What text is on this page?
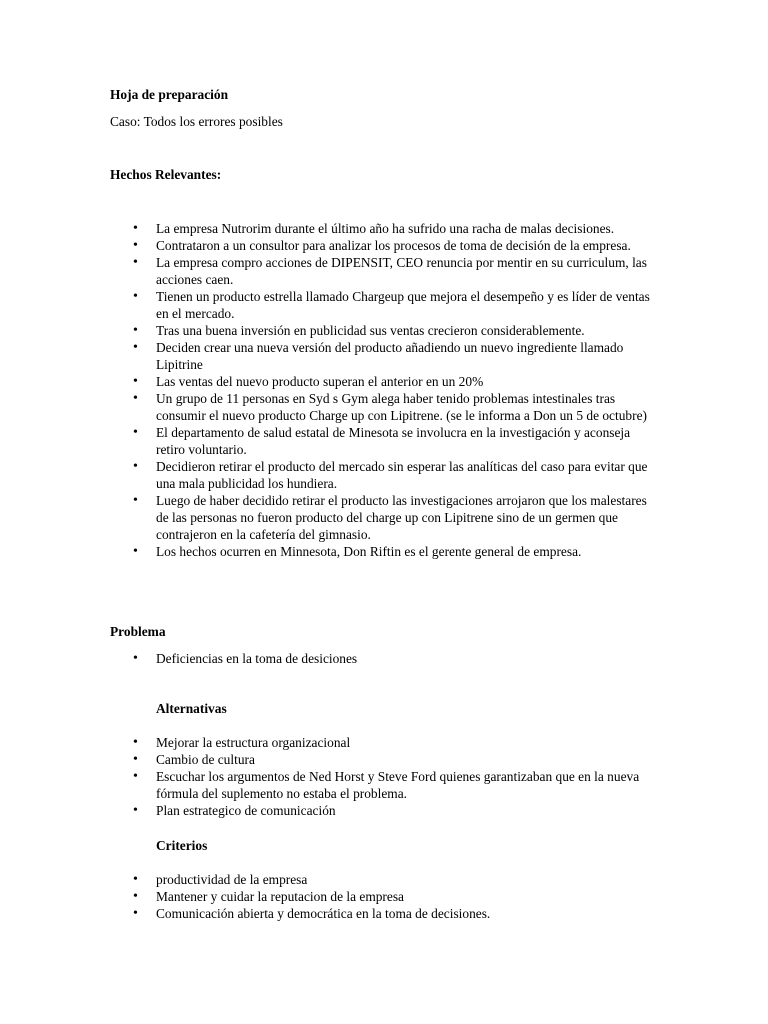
Hoja de preparación

Caso: Todos los errores posibles

Hechos Relevantes:

• La empresa Nutrorim durante el último año ha sufrido una racha de malas decisiones.
• Contrataron a un consultor para analizar los procesos de toma de decisión de la empresa.
• La empresa compro acciones de DIPENSIT, CEO renuncia por mentir en su curriculum, las acciones caen.
• Tienen un producto estrella llamado Chargeup que mejora el desempeño y es líder de ventas en el mercado.
• Tras una buena inversión en publicidad sus ventas crecieron considerablemente.
• Deciden crear una nueva versión del producto añadiendo un nuevo ingrediente llamado Lipitrine
• Las ventas del nuevo producto superan el anterior en un 20%
• Un grupo de 11 personas en Syd s Gym alega haber tenido problemas intestinales tras consumir el nuevo producto Charge up con Lipitrene. (se le informa a Don un 5 de octubre)
• El departamento de salud estatal de Minesota se involucra en la investigación y aconseja retiro voluntario.
• Decidieron retirar el producto del mercado sin esperar las analíticas del caso para evitar que una mala publicidad los hundiera.
• Luego de haber decidido retirar el producto las investigaciones arrojaron que los malestares de las personas no fueron producto del charge up con Lipitrene sino de un germen que contrajeron en la cafetería del gimnasio.
• Los hechos ocurren en Minnesota, Don Riftin es el gerente general de empresa.

Problema

• Deficiencias en la toma de desiciones

Alternativas

• Mejorar la estructura organizacional
• Cambio de cultura
• Escuchar los argumentos de Ned Horst y Steve Ford quienes garantizaban que en la nueva fórmula del suplemento no estaba el problema.
• Plan estrategico de comunicación

Criterios

• productividad de la empresa
• Mantener y cuidar la reputacion de la empresa
• Comunicación abierta y democrática en la toma de decisiones.
